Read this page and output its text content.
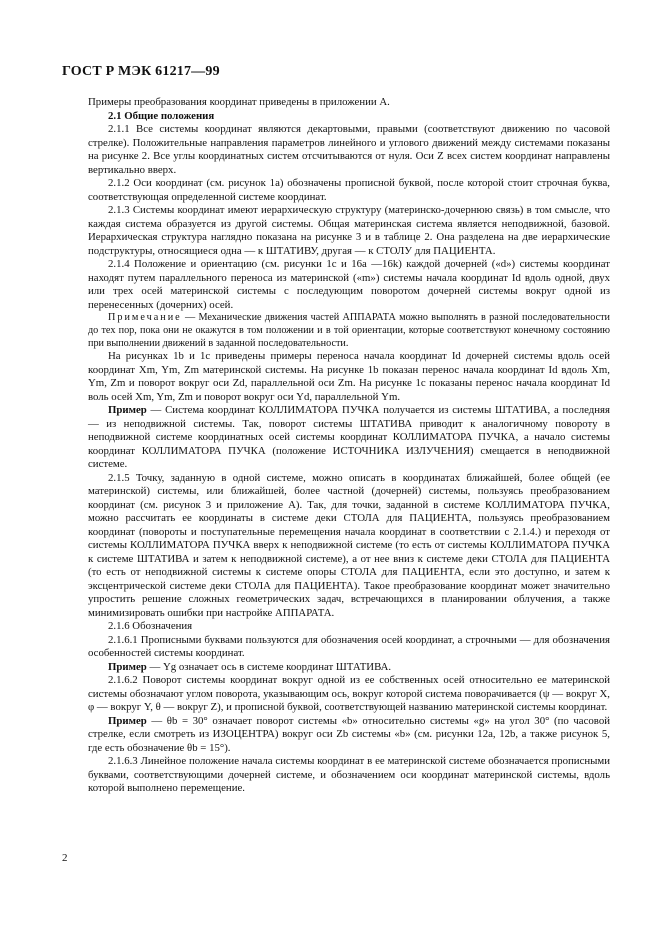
ГОСТ Р МЭК 61217—99

Примеры преобразования координат приведены в приложении А.

2.1 Общие положения

2.1.1 Все системы координат являются декартовыми, правыми (соответствуют движению по часовой стрелке). Положительные направления параметров линейного и углового движений между системами показаны на рисунке 2. Все углы координатных систем отсчитываются от нуля. Оси Z всех систем координат направлены вертикально вверх.

2.1.2 Оси координат (см. рисунок 1а) обозначены прописной буквой, после которой стоит строчная буква, соответствующая определенной системе координат.

2.1.3 Системы координат имеют иерархическую структуру (материнско-дочернюю связь) в том смысле, что каждая система образуется из другой системы. Общая материнская система является неподвижной, базовой. Иерархическая структура наглядно показана на рисунке 3 и в таблице 2. Она разделена на две иерархические подструктуры, относящиеся одна — к ШТАТИВУ, другая — к СТОЛУ для ПАЦИЕНТА.

2.1.4 Положение и ориентацию (см. рисунки 1с и 16а —16k) каждой дочерней («d») системы координат находят путем параллельного переноса из материнской («m») системы начала координат Id вдоль одной, двух или трех осей материнской системы с последующим поворотом дочерней системы вокруг одной из перенесенных (дочерних) осей.

Примечание — Механические движения частей АППАРАТА можно выполнять в разной последовательности до тех пор, пока они не окажутся в том положении и в той ориентации, которые соответствуют конечному состоянию при выполнении движений в заданной последовательности.

На рисунках 1b и 1с приведены примеры переноса начала координат Id дочерней системы вдоль осей координат Xm, Ym, Zm материнской системы. На рисунке 1b показан перенос начала координат Id вдоль Xm, Ym, Zm и поворот вокруг оси Zd, параллельной оси Zm. На рисунке 1с показаны перенос начала координат Id воль осей Xm, Ym, Zm и поворот вокруг оси Yd, параллельной Ym.

Пример — Система координат КОЛЛИМАТОРА ПУЧКА получается из системы ШТАТИВА, а последняя — из неподвижной системы. Так, поворот системы ШТАТИВА приводит к аналогичному повороту в неподвижной системе координатных осей системы координат КОЛЛИМАТОРА ПУЧКА, а начало системы координат КОЛЛИМАТОРА ПУЧКА (положение ИСТОЧНИКА ИЗЛУЧЕНИЯ) смещается в неподвижной системе.

2.1.5 Точку, заданную в одной системе, можно описать в координатах ближайшей, более общей (ее материнской) системы, или ближайшей, более частной (дочерней) системы, пользуясь преобразованием координат (см. рисунок 3 и приложение А). Так, для точки, заданной в системе КОЛЛИМАТОРА ПУЧКА, можно рассчитать ее координаты в системе деки СТОЛА для ПАЦИЕНТА, пользуясь преобразованием координат (повороты и поступательные перемещения начала координат в соответствии с 2.1.4.) и переходя от системы КОЛЛИМАТОРА ПУЧКА вверх к неподвижной системе (то есть от системы КОЛЛИМАТОРА ПУЧКА к системе ШТАТИВА и затем к неподвижной системе), а от нее вниз к системе деки СТОЛА для ПАЦИЕНТА (то есть от неподвижной системы к системе опоры СТОЛА для ПАЦИЕНТА, если это доступно, и затем к эксцентрической системе деки СТОЛА для ПАЦИЕНТА). Такое преобразование координат может значительно упростить решение сложных геометрических задач, встречающихся в планировании облучения, а также минимизировать ошибки при настройке АППАРАТА.

2.1.6 Обозначения

2.1.6.1 Прописными буквами пользуются для обозначения осей координат, а строчными — для обозначения особенностей системы координат.

Пример — Yg означает ось в системе координат ШТАТИВА.

2.1.6.2 Поворот системы координат вокруг одной из ее собственных осей относительно ее материнской системы обозначают углом поворота, указывающим ось, вокруг которой система поворачивается (ψ — вокруг X, φ — вокруг Y, θ — вокруг Z), и прописной буквой, соответствующей названию материнской системы координат.

Пример — θb = 30° означает поворот системы «b» относительно системы «g» на угол 30° (по часовой стрелке, если смотреть из ИЗОЦЕНТРА) вокруг оси Zb системы «b» (см. рисунки 12a, 12b, а также рисунок 5, где есть обозначение θb = 15°).

2.1.6.3 Линейное положение начала системы координат в ее материнской системе обозначается прописными буквами, соответствующими дочерней системе, и обозначением оси координат материнской системы, вдоль которой выполнено перемещение.

2
